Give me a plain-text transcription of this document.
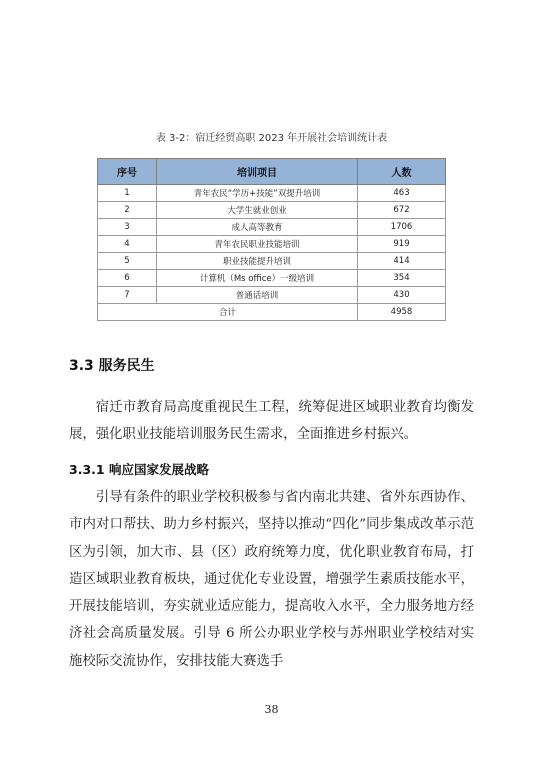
表 3-2：宿迁经贸高职 2023 年开展社会培训统计表
序号	培训项目	人数
1	青年农民“学历+技能”双提升培训	463
2	大学生就业创业	672
3	成人高等教育	1706
4	青年农民职业技能培训	919
5	职业技能提升培训	414
6	计算机（Ms office）一级培训	354
7	普通话培训	430
合计		4958
3.3 服务民生

宿迁市教育局高度重视民生工程，统筹促进区域职业教育均衡发展，强化职业技能培训服务民生需求，全面推进乡村振兴。

3.3.1 响应国家发展战略

引导有条件的职业学校积极参与省内南北共建、省外东西协作、市内对口帮扶、助力乡村振兴，坚持以推动“四化”同步集成改革示范区为引领，加大市、县（区）政府统筹力度，优化职业教育布局，打造区域职业教育板块，通过优化专业设置，增强学生素质技能水平，开展技能培训，夯实就业适应能力，提高收入水平，全力服务地方经济社会高质量发展。引导 6 所公办职业学校与苏州职业学校结对实施校际交流协作，安排技能大赛选手

38
